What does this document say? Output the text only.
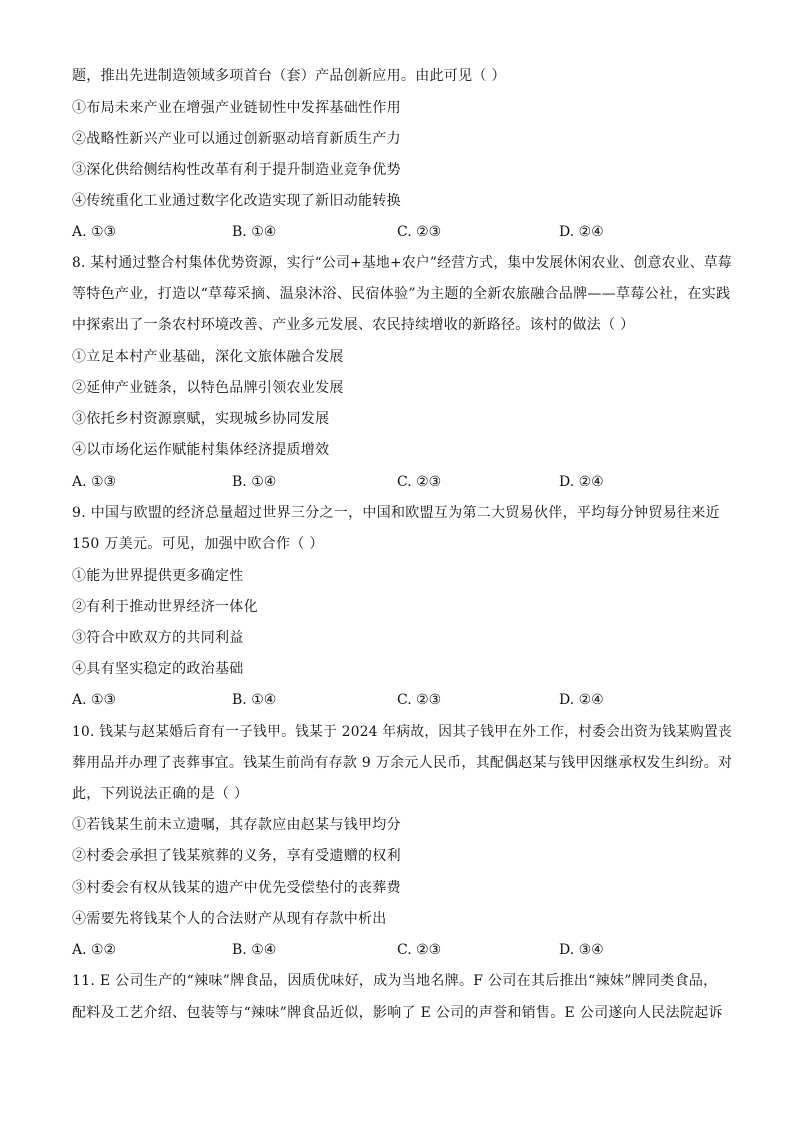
题，推出先进制造领域多项首台（套）产品创新应用。由此可见（ ）
①布局未来产业在增强产业链韧性中发挥基础性作用
②战略性新兴产业可以通过创新驱动培育新质生产力
③深化供给侧结构性改革有利于提升制造业竞争优势
④传统重化工业通过数字化改造实现了新旧动能转换
A. ①③	B. ①④	C. ②③	D. ②④
8. 某村通过整合村集体优势资源，实行“公司+基地+农户”经营方式，集中发展休闲农业、创意农业、草莓
等特色产业，打造以“草莓采摘、温泉沐浴、民宿体验”为主题的全新农旅融合品牌——草莓公社，在实践
中探索出了一条农村环境改善、产业多元发展、农民持续增收的新路径。该村的做法（ ）
①立足本村产业基础，深化文旅体融合发展
②延伸产业链条，以特色品牌引领农业发展
③依托乡村资源禀赋，实现城乡协同发展
④以市场化运作赋能村集体经济提质增效
A. ①③	B. ①④	C. ②③	D. ②④
9. 中国与欧盟的经济总量超过世界三分之一，中国和欧盟互为第二大贸易伙伴，平均每分钟贸易往来近
150 万美元。可见，加强中欧合作（ ）
①能为世界提供更多确定性
②有利于推动世界经济一体化
③符合中欧双方的共同利益
④具有坚实稳定的政治基础
A. ①③	B. ①④	C. ②③	D. ②④
10. 钱某与赵某婚后育有一子钱甲。钱某于 2024 年病故，因其子钱甲在外工作，村委会出资为钱某购置丧
葬用品并办理了丧葬事宜。钱某生前尚有存款 9 万余元人民币，其配偶赵某与钱甲因继承权发生纠纷。对
此，下列说法正确的是（ ）
①若钱某生前未立遗嘱，其存款应由赵某与钱甲均分
②村委会承担了钱某殡葬的义务，享有受遗赠的权利
③村委会有权从钱某的遗产中优先受偿垫付的丧葬费
④需要先将钱某个人的合法财产从现有存款中析出
A. ①②	B. ①④	C. ②③	D. ③④
11. E 公司生产的“辣味”牌食品，因质优味好，成为当地名牌。F 公司在其后推出“辣妹”牌同类食品，
配料及工艺介绍、包装等与“辣味”牌食品近似，影响了 E 公司的声誉和销售。E 公司遂向人民法院起诉
